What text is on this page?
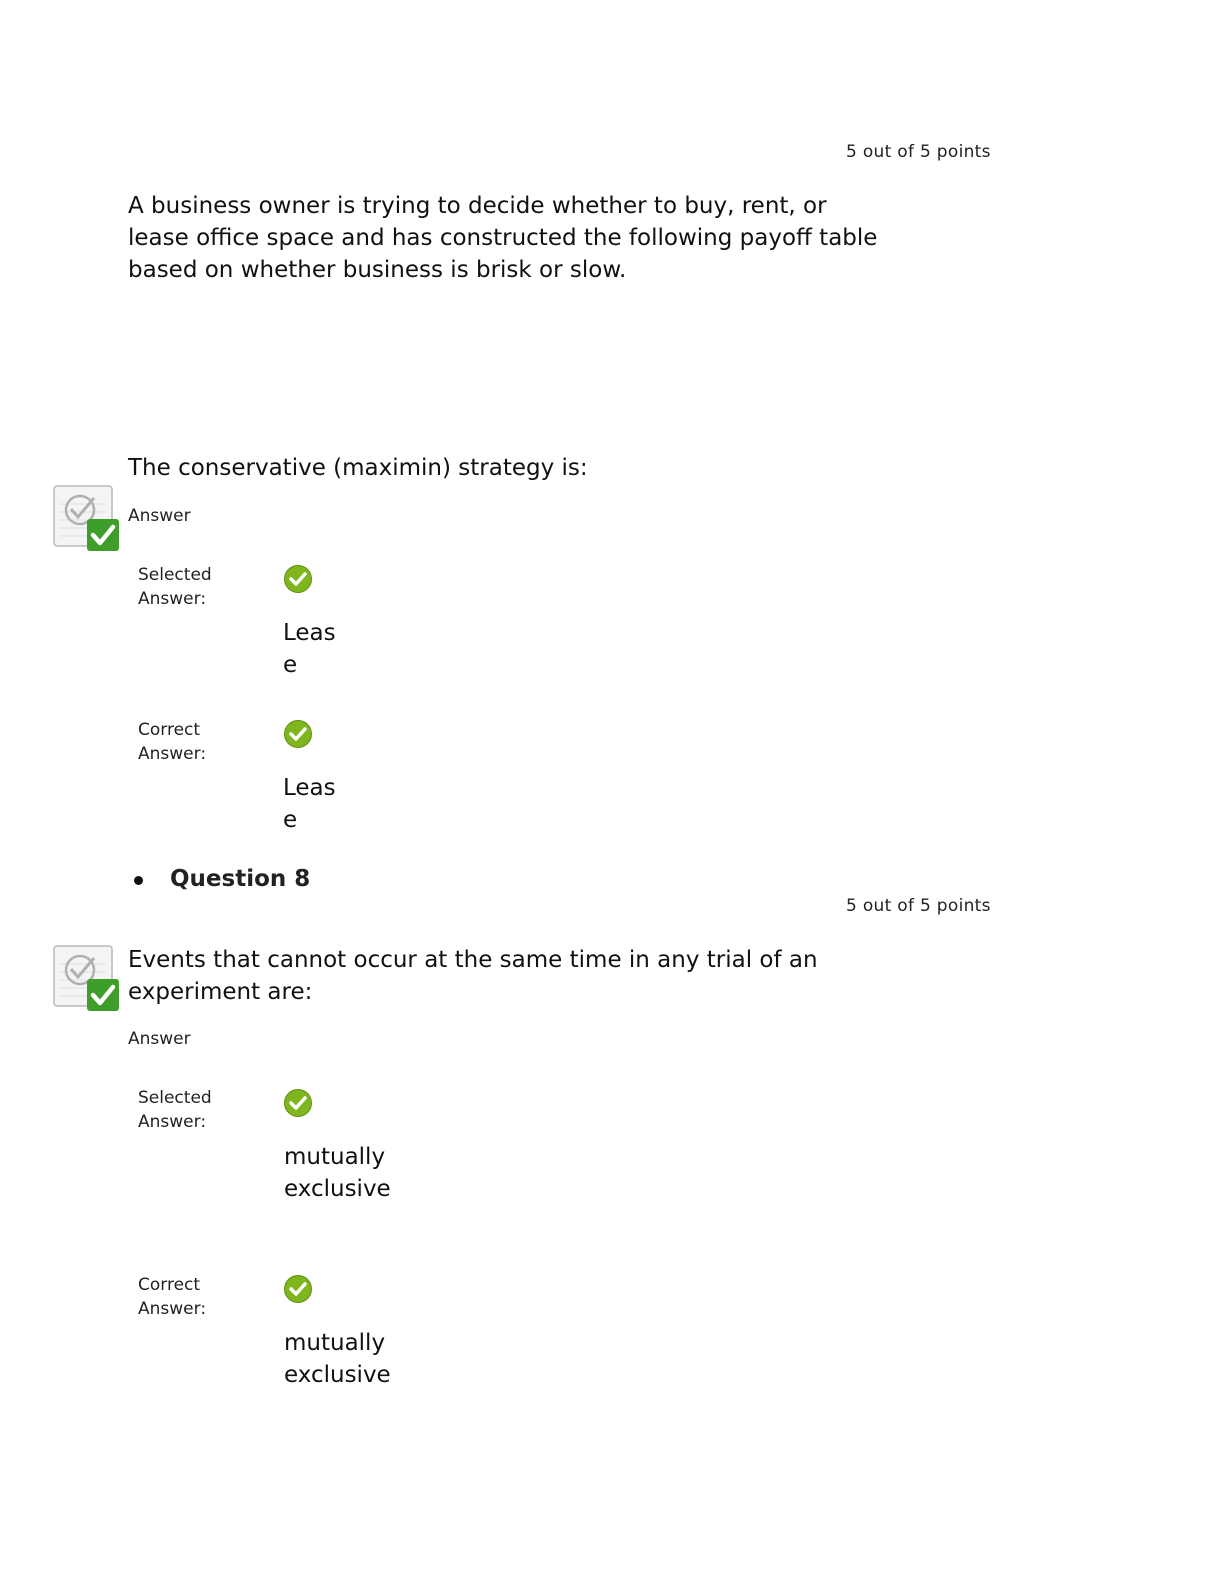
5 out of 5 points
A business owner is trying to decide whether to buy, rent, or
lease office space and has constructed the following payoff table
based on whether business is brisk or slow.
The conservative (maximin) strategy is:
Answer
Selected
Answer:
Leas
e
Correct
Answer:
Leas
e
Question 8
5 out of 5 points
Events that cannot occur at the same time in any trial of an
experiment are:
Answer
Selected
Answer:
mutually
exclusive
Correct
Answer:
mutually
exclusive
